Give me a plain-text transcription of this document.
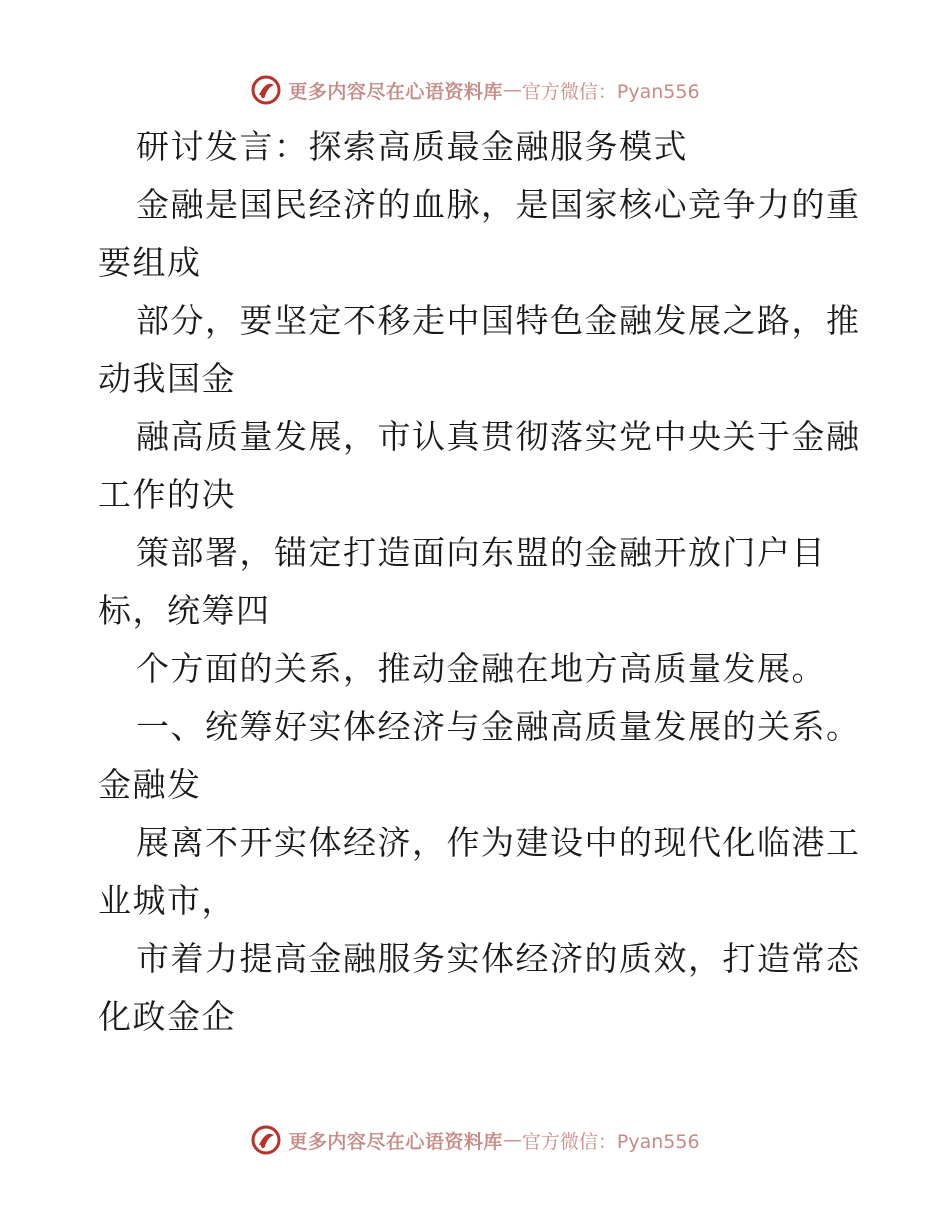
更多内容尽在心语资料库 — 官方微信：Pyan556
研讨发言：探索高质最金融服务模式
金融是国民经济的血脉，是国家核心竞争力的重
要组成
部分，要坚定不移走中国特色金融发展之路，推
动我国金
融高质量发展，市认真贯彻落实党中央关于金融
工作的决
策部署，锚定打造面向东盟的金融开放门户目
标，统筹四
个方面的关系，推动金融在地方高质量发展。
一、统筹好实体经济与金融高质量发展的关系。
金融发
展离不开实体经济，作为建设中的现代化临港工
业城市，
市着力提高金融服务实体经济的质效，打造常态
化政金企
更多内容尽在心语资料库 — 官方微信：Pyan556
